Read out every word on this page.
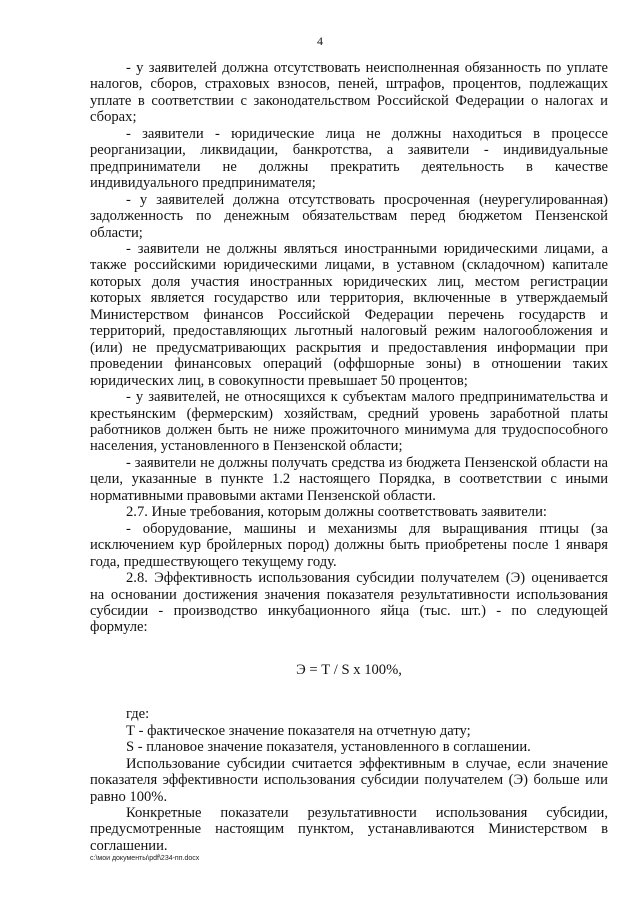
4

- у заявителей должна отсутствовать неисполненная обязанность по уплате налогов, сборов, страховых взносов, пеней, штрафов, процентов, подлежащих уплате в соответствии с законодательством Российской Федерации о налогах и сборах;

- заявители - юридические лица не должны находиться в процессе реорганизации, ликвидации, банкротства, а заявители - индивидуальные предприниматели не должны прекратить деятельность в качестве индивидуального предпринимателя;

- у заявителей должна отсутствовать просроченная (неурегулированная) задолженность по денежным обязательствам перед бюджетом Пензенской области;

- заявители не должны являться иностранными юридическими лицами, а также российскими юридическими лицами, в уставном (складочном) капитале которых доля участия иностранных юридических лиц, местом регистрации которых является государство или территория, включенные в утверждаемый Министерством финансов Российской Федерации перечень государств и территорий, предоставляющих льготный налоговый режим налогообложения и (или) не предусматривающих раскрытия и предоставления информации при проведении финансовых операций (оффшорные зоны) в отношении таких юридических лиц, в совокупности превышает 50 процентов;

- у заявителей, не относящихся к субъектам малого предпринимательства и крестьянским (фермерским) хозяйствам, средний уровень заработной платы работников должен быть не ниже прожиточного минимума для трудоспособного населения, установленного в Пензенской области;

- заявители не должны получать средства из бюджета Пензенской области на цели, указанные в пункте 1.2 настоящего Порядка, в соответствии с иными нормативными правовыми актами Пензенской области.

2.7. Иные требования, которым должны соответствовать заявители:

- оборудование, машины и механизмы для выращивания птицы (за исключением кур бройлерных пород) должны быть приобретены после 1 января года, предшествующего текущему году.

2.8. Эффективность использования субсидии получателем (Э) оценивается на основании достижения значения показателя результативности использования субсидии - производство инкубационного яйца (тыс. шт.) - по следующей формуле:

Э = Т / S х 100%,

где:

Т - фактическое значение показателя на отчетную дату;

S - плановое значение показателя, установленного в соглашении.

Использование субсидии считается эффективным в случае, если значение показателя эффективности использования субсидии получателем (Э) больше или равно 100%.

Конкретные показатели результативности использования субсидии, предусмотренные настоящим пунктом, устанавливаются Министерством в соглашении.

c:\мои документы\pdf\234-пп.docx
